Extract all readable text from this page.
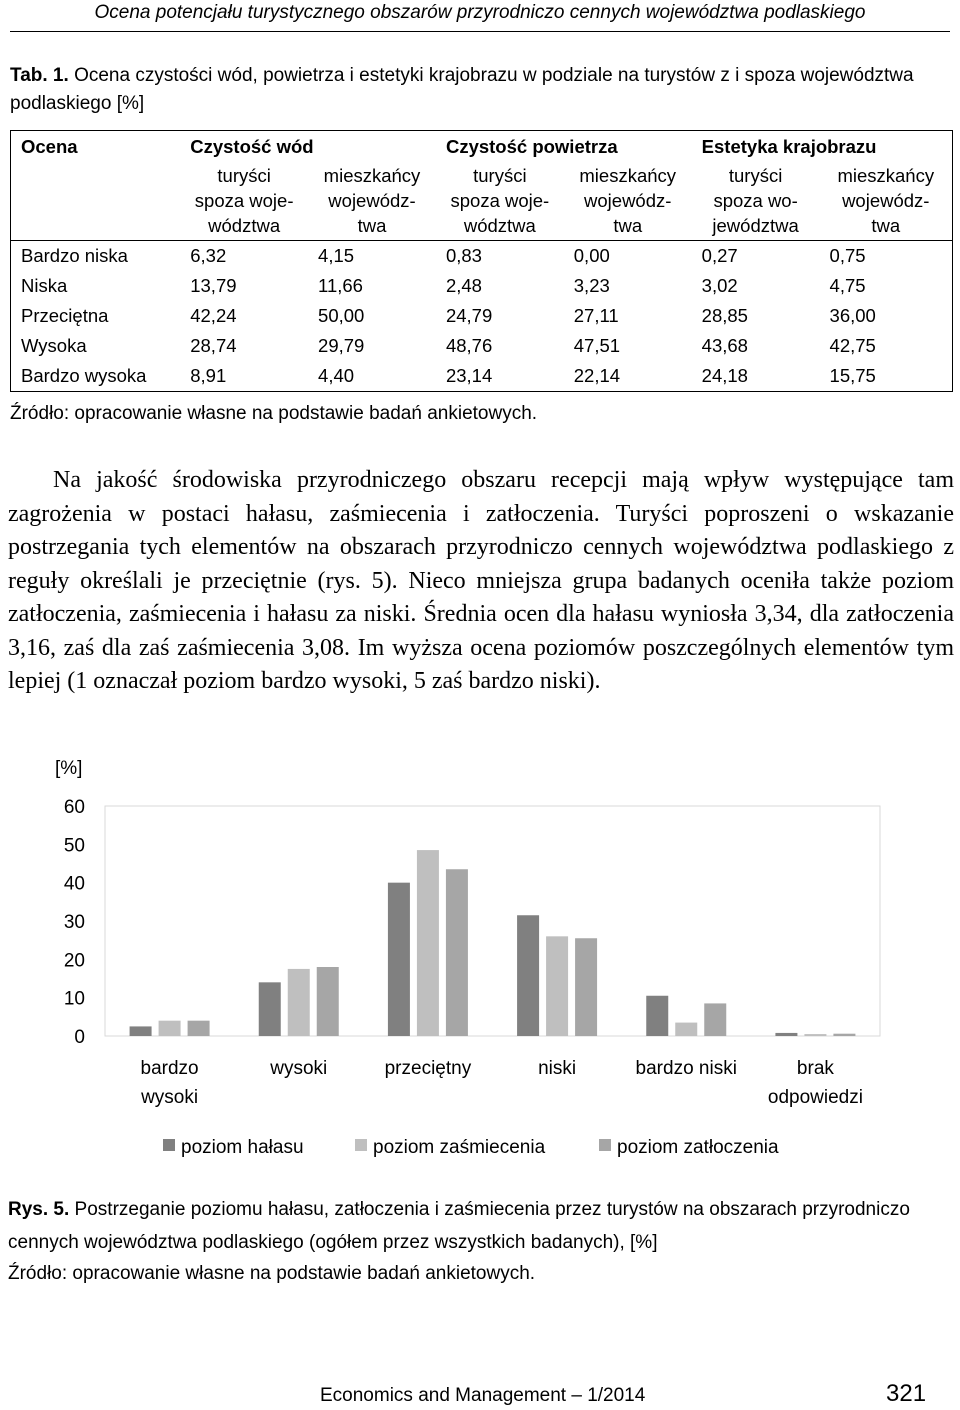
Ocena potencjału turystycznego obszarów przyrodniczo cennych województwa podlaskiego
Tab. 1. Ocena czystości wód, powietrza i estetyki krajobrazu w podziale na turystów z i spoza województwa podlaskiego [%]
Ocena	Czystość wód		Czystość powietrza		Estetyka krajobrazu	
	turyści
spoza woje-
wództwa	mieszkańcy
wojewódz-
twa	turyści
spoza woje-
wództwa	mieszkańcy
wojewódz-
twa	turyści
spoza wo-
jewództwa	mieszkańcy
wojewódz-
twa
Bardzo niska	6,32	4,15	0,83	0,00	0,27	0,75
Niska	13,79	11,66	2,48	3,23	3,02	4,75
Przeciętna	42,24	50,00	24,79	27,11	28,85	36,00
Wysoka	28,74	29,79	48,76	47,51	43,68	42,75
Bardzo wysoka	8,91	4,40	23,14	22,14	24,18	15,75
Źródło: opracowanie własne na podstawie badań ankietowych.

Na jakość środowiska przyrodniczego obszaru recepcji mają wpływ występujące tam zagrożenia w postaci hałasu, zaśmiecenia i zatłoczenia. Turyści poproszeni o wskazanie postrzegania tych elementów na obszarach przyrodniczo cennych województwa podlaskiego z reguły określali je przeciętnie (rys. 5). Nieco mniejsza grupa badanych oceniła także poziom zatłoczenia, zaśmiecenia i hałasu za niski. Średnia ocen dla hałasu wyniosła 3,34, dla zatłoczenia 3,16, zaś dla zaś zaśmiecenia 3,08. Im wyższa ocena poziomów poszczególnych elementów tym lepiej (1 oznaczał poziom bardzo wysoki, 5 zaś bardzo niski).

[%]
0
10
20
30
40
50
60
bardzo
wysoki
wysoki	przeciętny	niski	bardzo niski	brak
odpowiedzi
poziom hałasu	poziom zaśmiecenia	poziom zatłoczenia
Rys. 5. Postrzeganie poziomu hałasu, zatłoczenia i zaśmiecenia przez turystów na obszarach przyrodniczo cennych województwa podlaskiego (ogółem przez wszystkich badanych), [%]
Źródło: opracowanie własne na podstawie badań ankietowych.
Economics and Management – 1/2014	321
